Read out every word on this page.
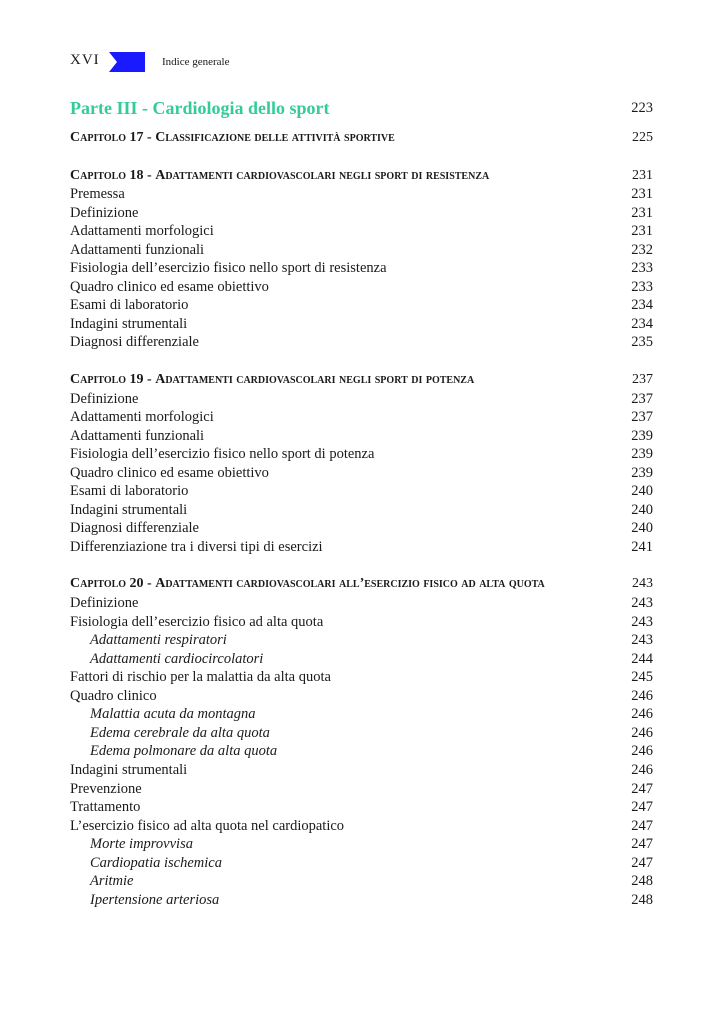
XVI	Indice generale
Parte III - Cardiologia dello sport	223
Capitolo 17 - Classificazione delle attività sportive	225
Capitolo 18 - Adattamenti cardiovascolari negli sport di resistenza	231
Premessa	231
Definizione	231
Adattamenti morfologici	231
Adattamenti funzionali	232
Fisiologia dell’esercizio fisico nello sport di resistenza	233
Quadro clinico ed esame obiettivo	233
Esami di laboratorio	234
Indagini strumentali	234
Diagnosi differenziale	235
Capitolo 19 - Adattamenti cardiovascolari negli sport di potenza	237
Definizione	237
Adattamenti morfologici	237
Adattamenti funzionali	239
Fisiologia dell’esercizio fisico nello sport di potenza	239
Quadro clinico ed esame obiettivo	239
Esami di laboratorio	240
Indagini strumentali	240
Diagnosi differenziale	240
Differenziazione tra i diversi tipi di esercizi	241
Capitolo 20 - Adattamenti cardiovascolari all’esercizio fisico ad alta quota	243
Definizione	243
Fisiologia dell’esercizio fisico ad alta quota	243
Adattamenti respiratori	243
Adattamenti cardiocircolatori	244
Fattori di rischio per la malattia da alta quota	245
Quadro clinico	246
Malattia acuta da montagna	246
Edema cerebrale da alta quota	246
Edema polmonare da alta quota	246
Indagini strumentali	246
Prevenzione	247
Trattamento	247
L’esercizio fisico ad alta quota nel cardiopatico	247
Morte improvvisa	247
Cardiopatia ischemica	247
Aritmie	248
Ipertensione arteriosa	248
